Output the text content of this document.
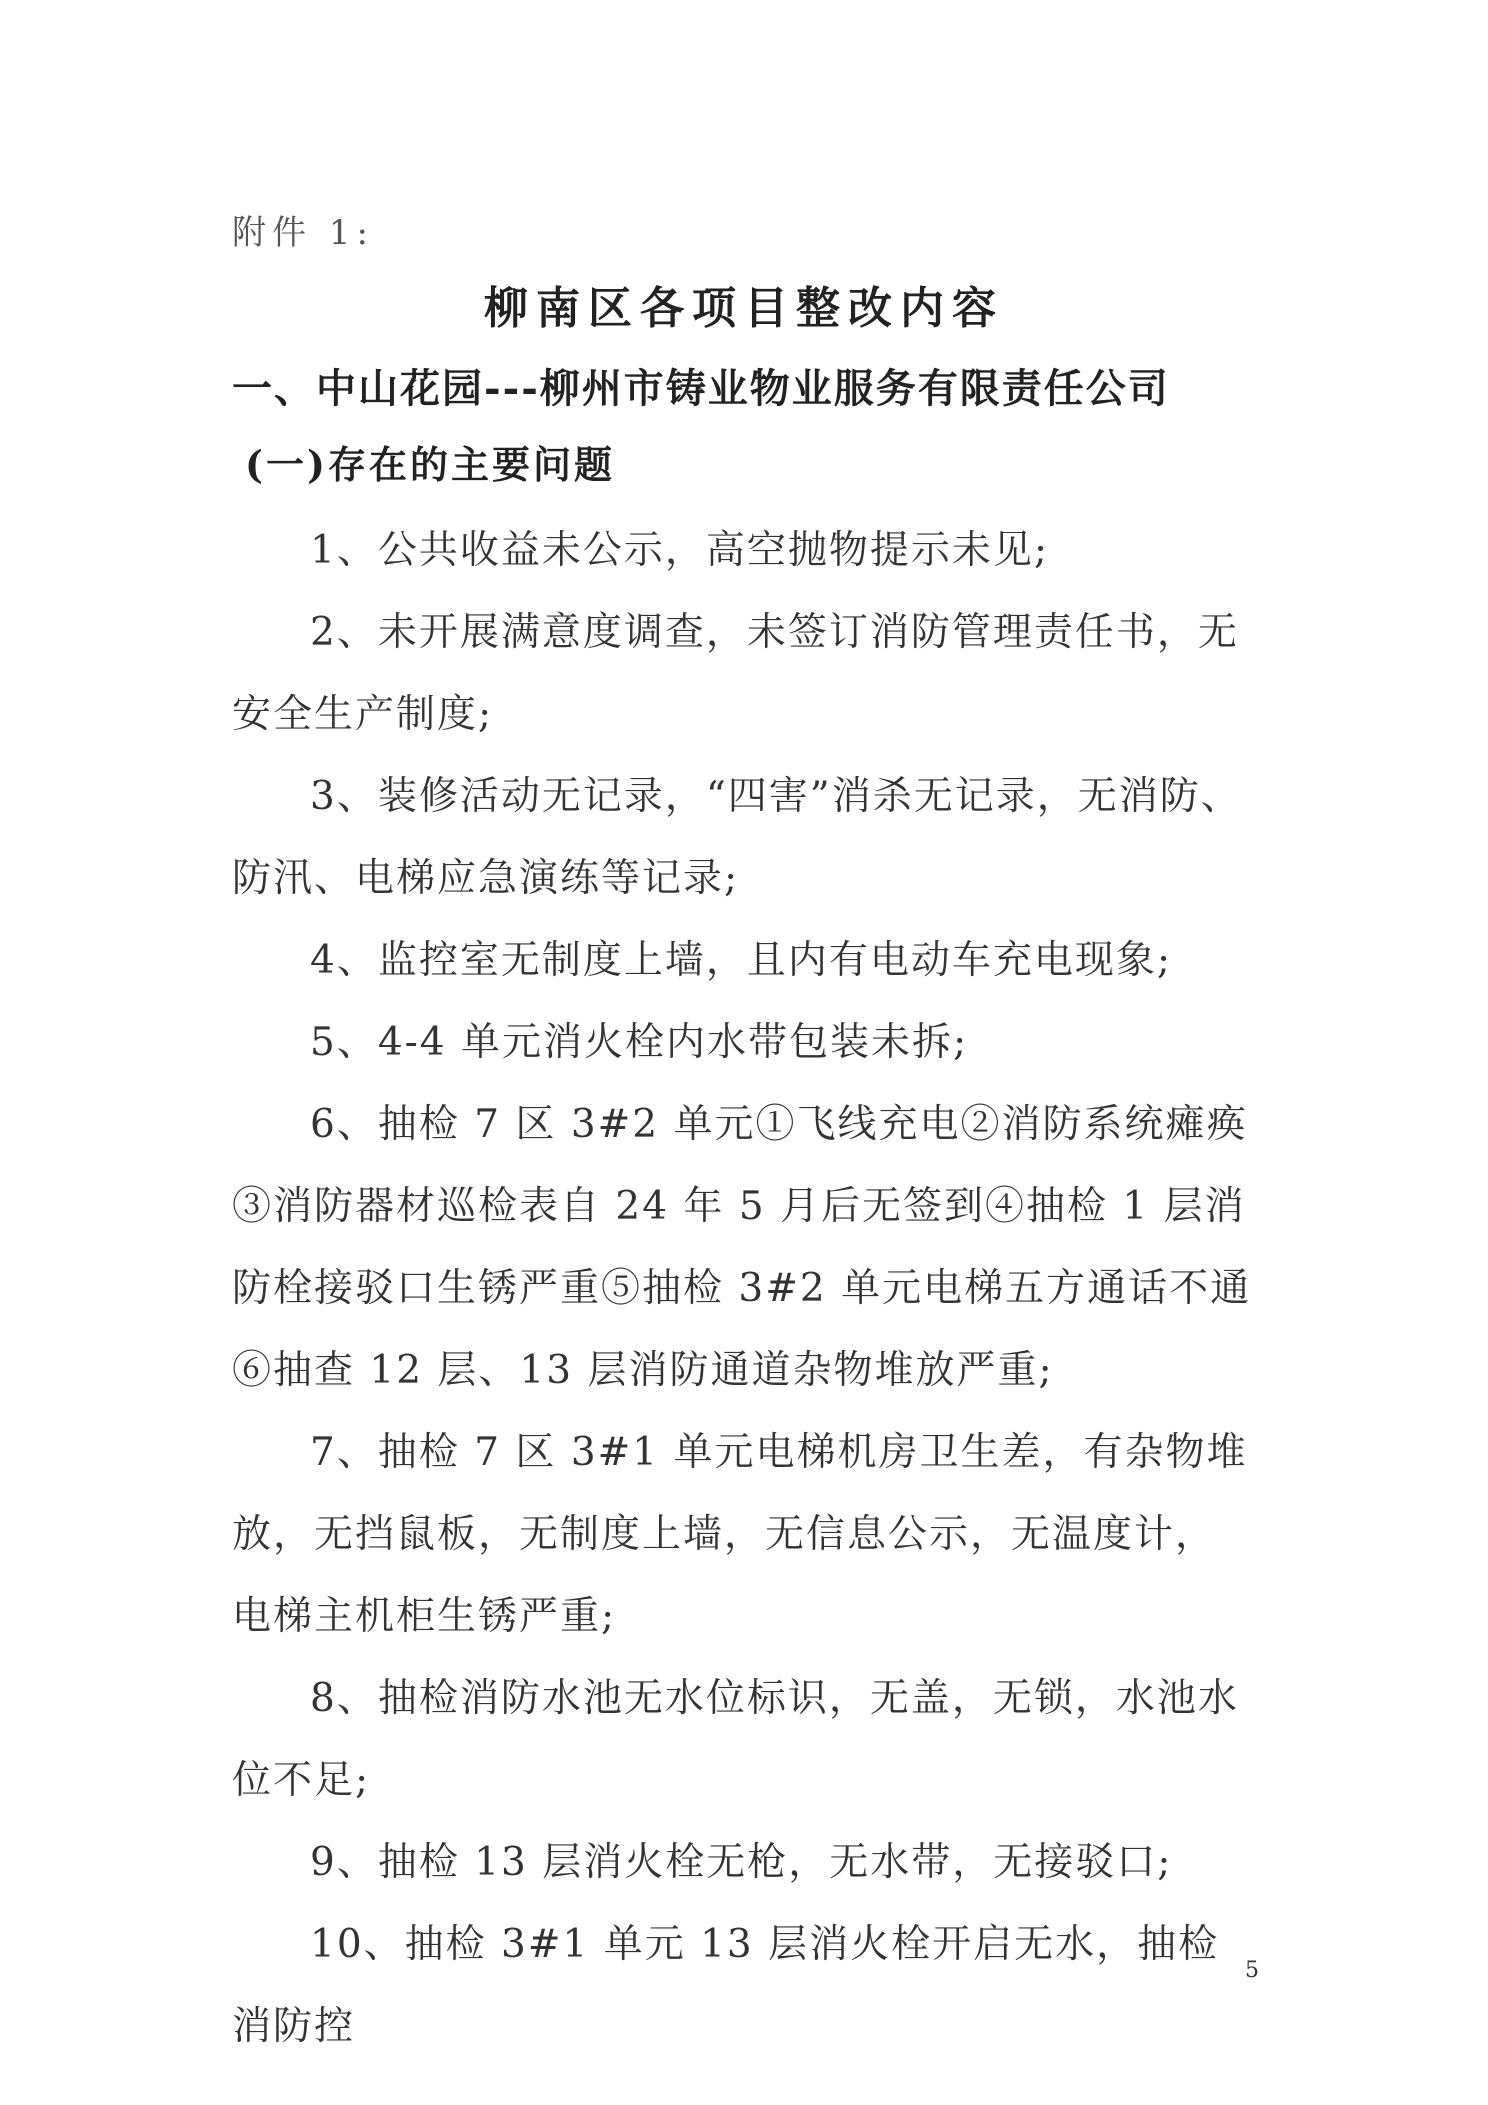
附件 1:
柳南区各项目整改内容
一、中山花园---柳州市铸业物业服务有限责任公司
(一)存在的主要问题

1、公共收益未公示，高空抛物提示未见;

2、未开展满意度调查，未签订消防管理责任书，无安全生产制度;

3、装修活动无记录，“四害”消杀无记录，无消防、防汛、电梯应急演练等记录;

4、监控室无制度上墙，且内有电动车充电现象;

5、4-4 单元消火栓内水带包装未拆;

6、抽检 7 区 3#2 单元①飞线充电②消防系统瘫痪③消防器材巡检表自 24 年 5 月后无签到④抽检 1 层消防栓接驳口生锈严重⑤抽检 3#2 单元电梯五方通话不通⑥抽查 12 层、13 层消防通道杂物堆放严重;

7、抽检 7 区 3#1 单元电梯机房卫生差，有杂物堆放，无挡鼠板，无制度上墙，无信息公示，无温度计，电梯主机柜生锈严重;

8、抽检消防水池无水位标识，无盖，无锁，水池水位不足;

9、抽检 13 层消火栓无枪，无水带，无接驳口;

10、抽检 3#1 单元 13 层消火栓开启无水，抽检消防控

5
